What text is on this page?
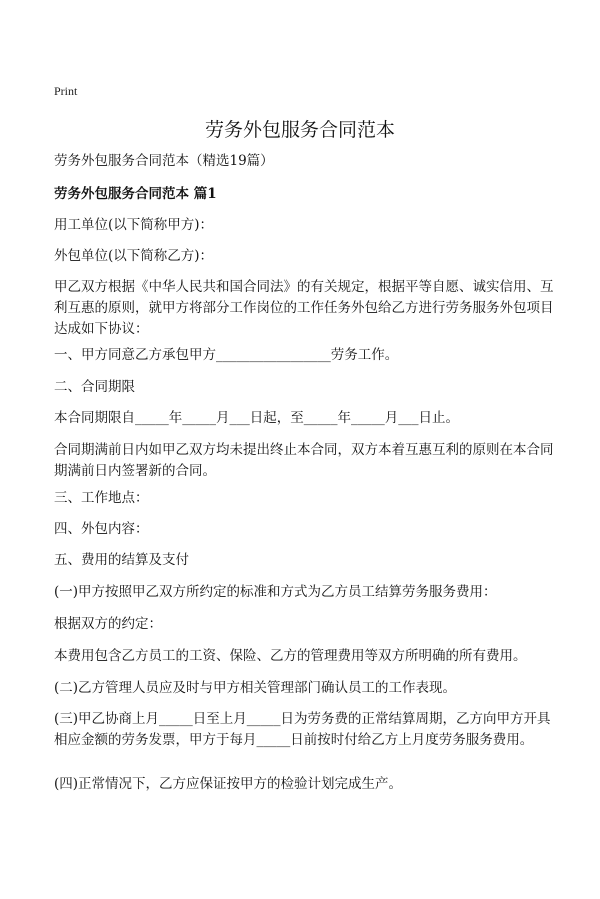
Print
劳务外包服务合同范本
劳务外包服务合同范本（精选19篇）
劳务外包服务合同范本 篇1
用工单位(以下简称甲方)：
外包单位(以下简称乙方)：
甲乙双方根据《中华人民共和国合同法》的有关规定，根据平等自愿、诚实信用、互利互惠的原则，就甲方将部分工作岗位的工作任务外包给乙方进行劳务服务外包项目达成如下协议：
一、甲方同意乙方承包甲方_________________劳务工作。
二、合同期限
本合同期限自_____年_____月___日起，至_____年_____月___日止。
合同期满前日内如甲乙双方均未提出终止本合同，双方本着互惠互利的原则在本合同期满前日内签署新的合同。
三、工作地点：
四、外包内容：
五、费用的结算及支付
(一)甲方按照甲乙双方所约定的标准和方式为乙方员工结算劳务服务费用：
根据双方的约定：
本费用包含乙方员工的工资、保险、乙方的管理费用等双方所明确的所有费用。
(二)乙方管理人员应及时与甲方相关管理部门确认员工的工作表现。
(三)甲乙协商上月_____日至上月_____日为劳务费的正常结算周期，乙方向甲方开具相应金额的劳务发票，甲方于每月_____日前按时付给乙方上月度劳务服务费用。
(四)正常情况下，乙方应保证按甲方的检验计划完成生产。
